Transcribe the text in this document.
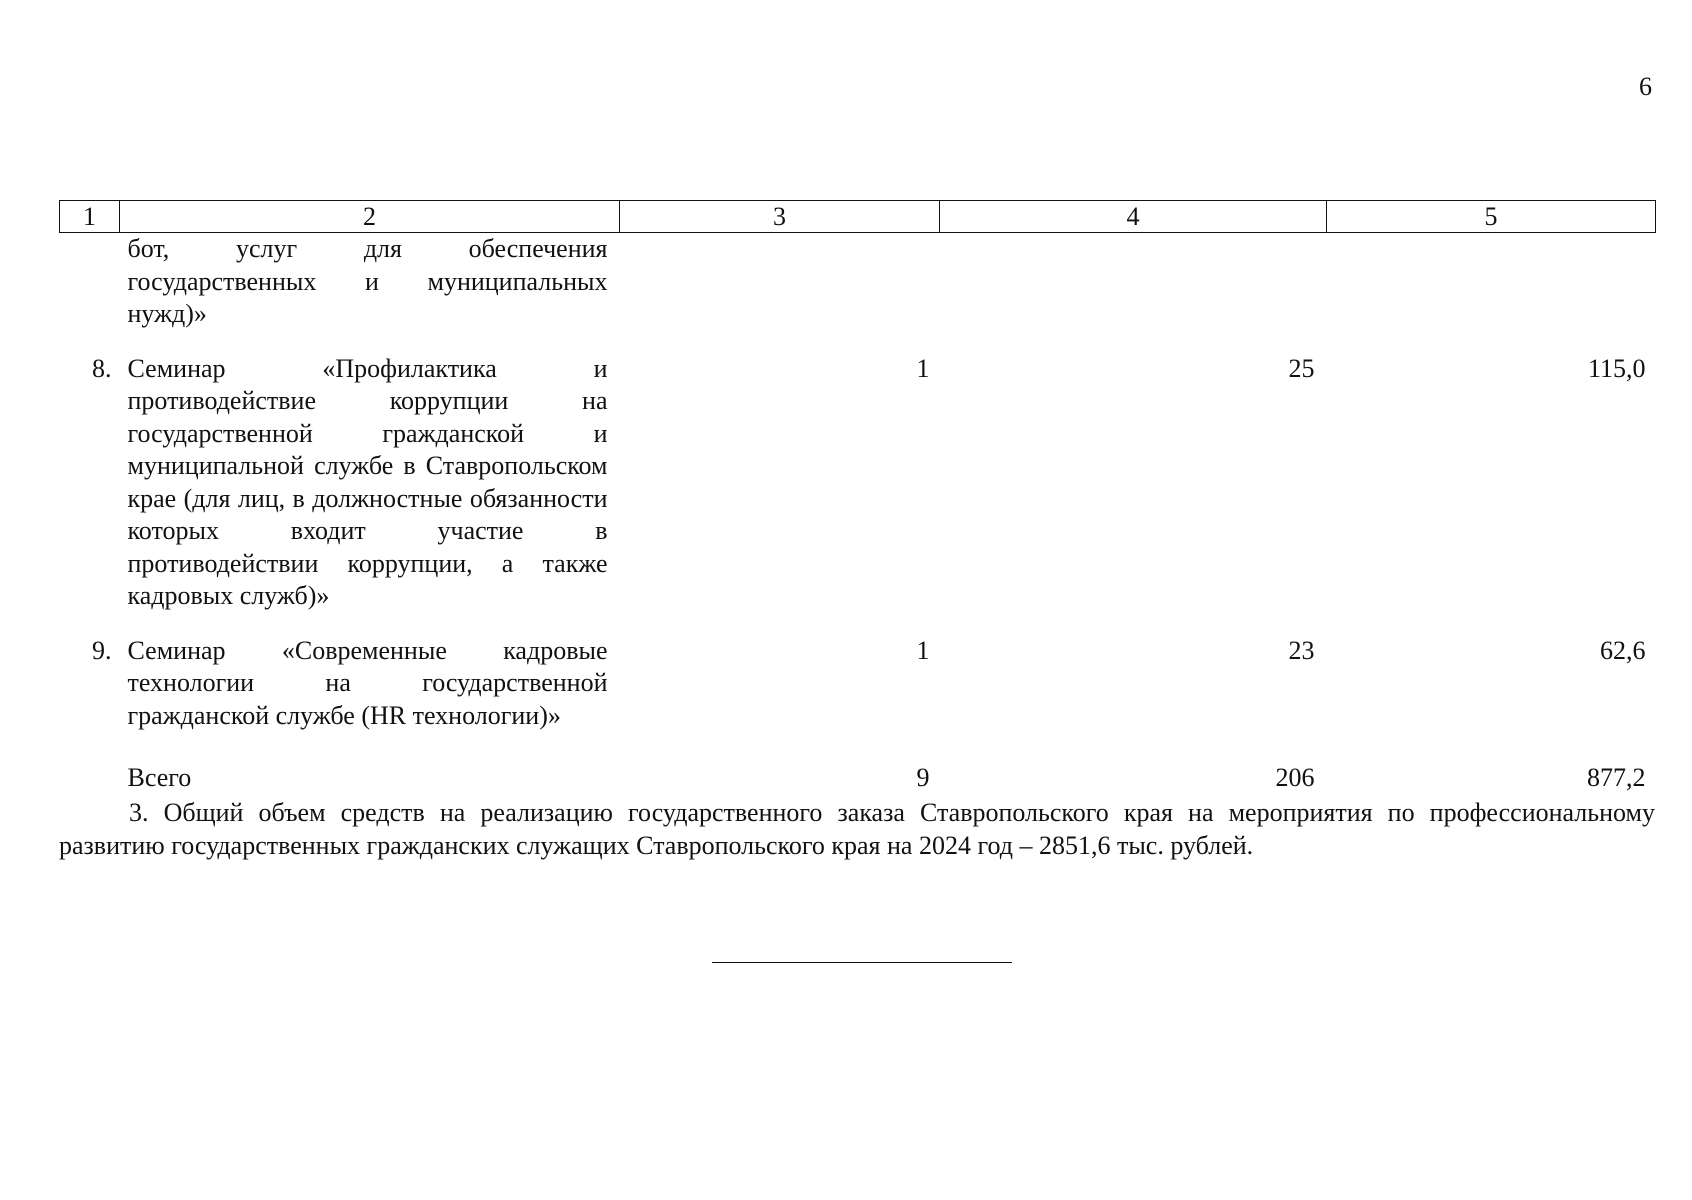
6
1	2	3	4	5
	бот, услуг для обеспечения государственных и муниципальных нужд)»			
8.	Семинар «Профилактика и противодействие коррупции на государственной гражданской и муниципальной службе в Ставропольском крае (для лиц, в должностные обязанности которых входит участие в противодействии коррупции, а также кадровых служб)»	1	25	115,0
9.	Семинар «Современные кадровые технологии на государственной гражданской службе (HR технологии)»	1	23	62,6
	Всего	9	206	877,2
3. Общий объем средств на реализацию государственного заказа Ставропольского края на мероприятия по профессиональному развитию государственных гражданских служащих Ставропольского края на 2024 год – 2851,6 тыс. рублей.
